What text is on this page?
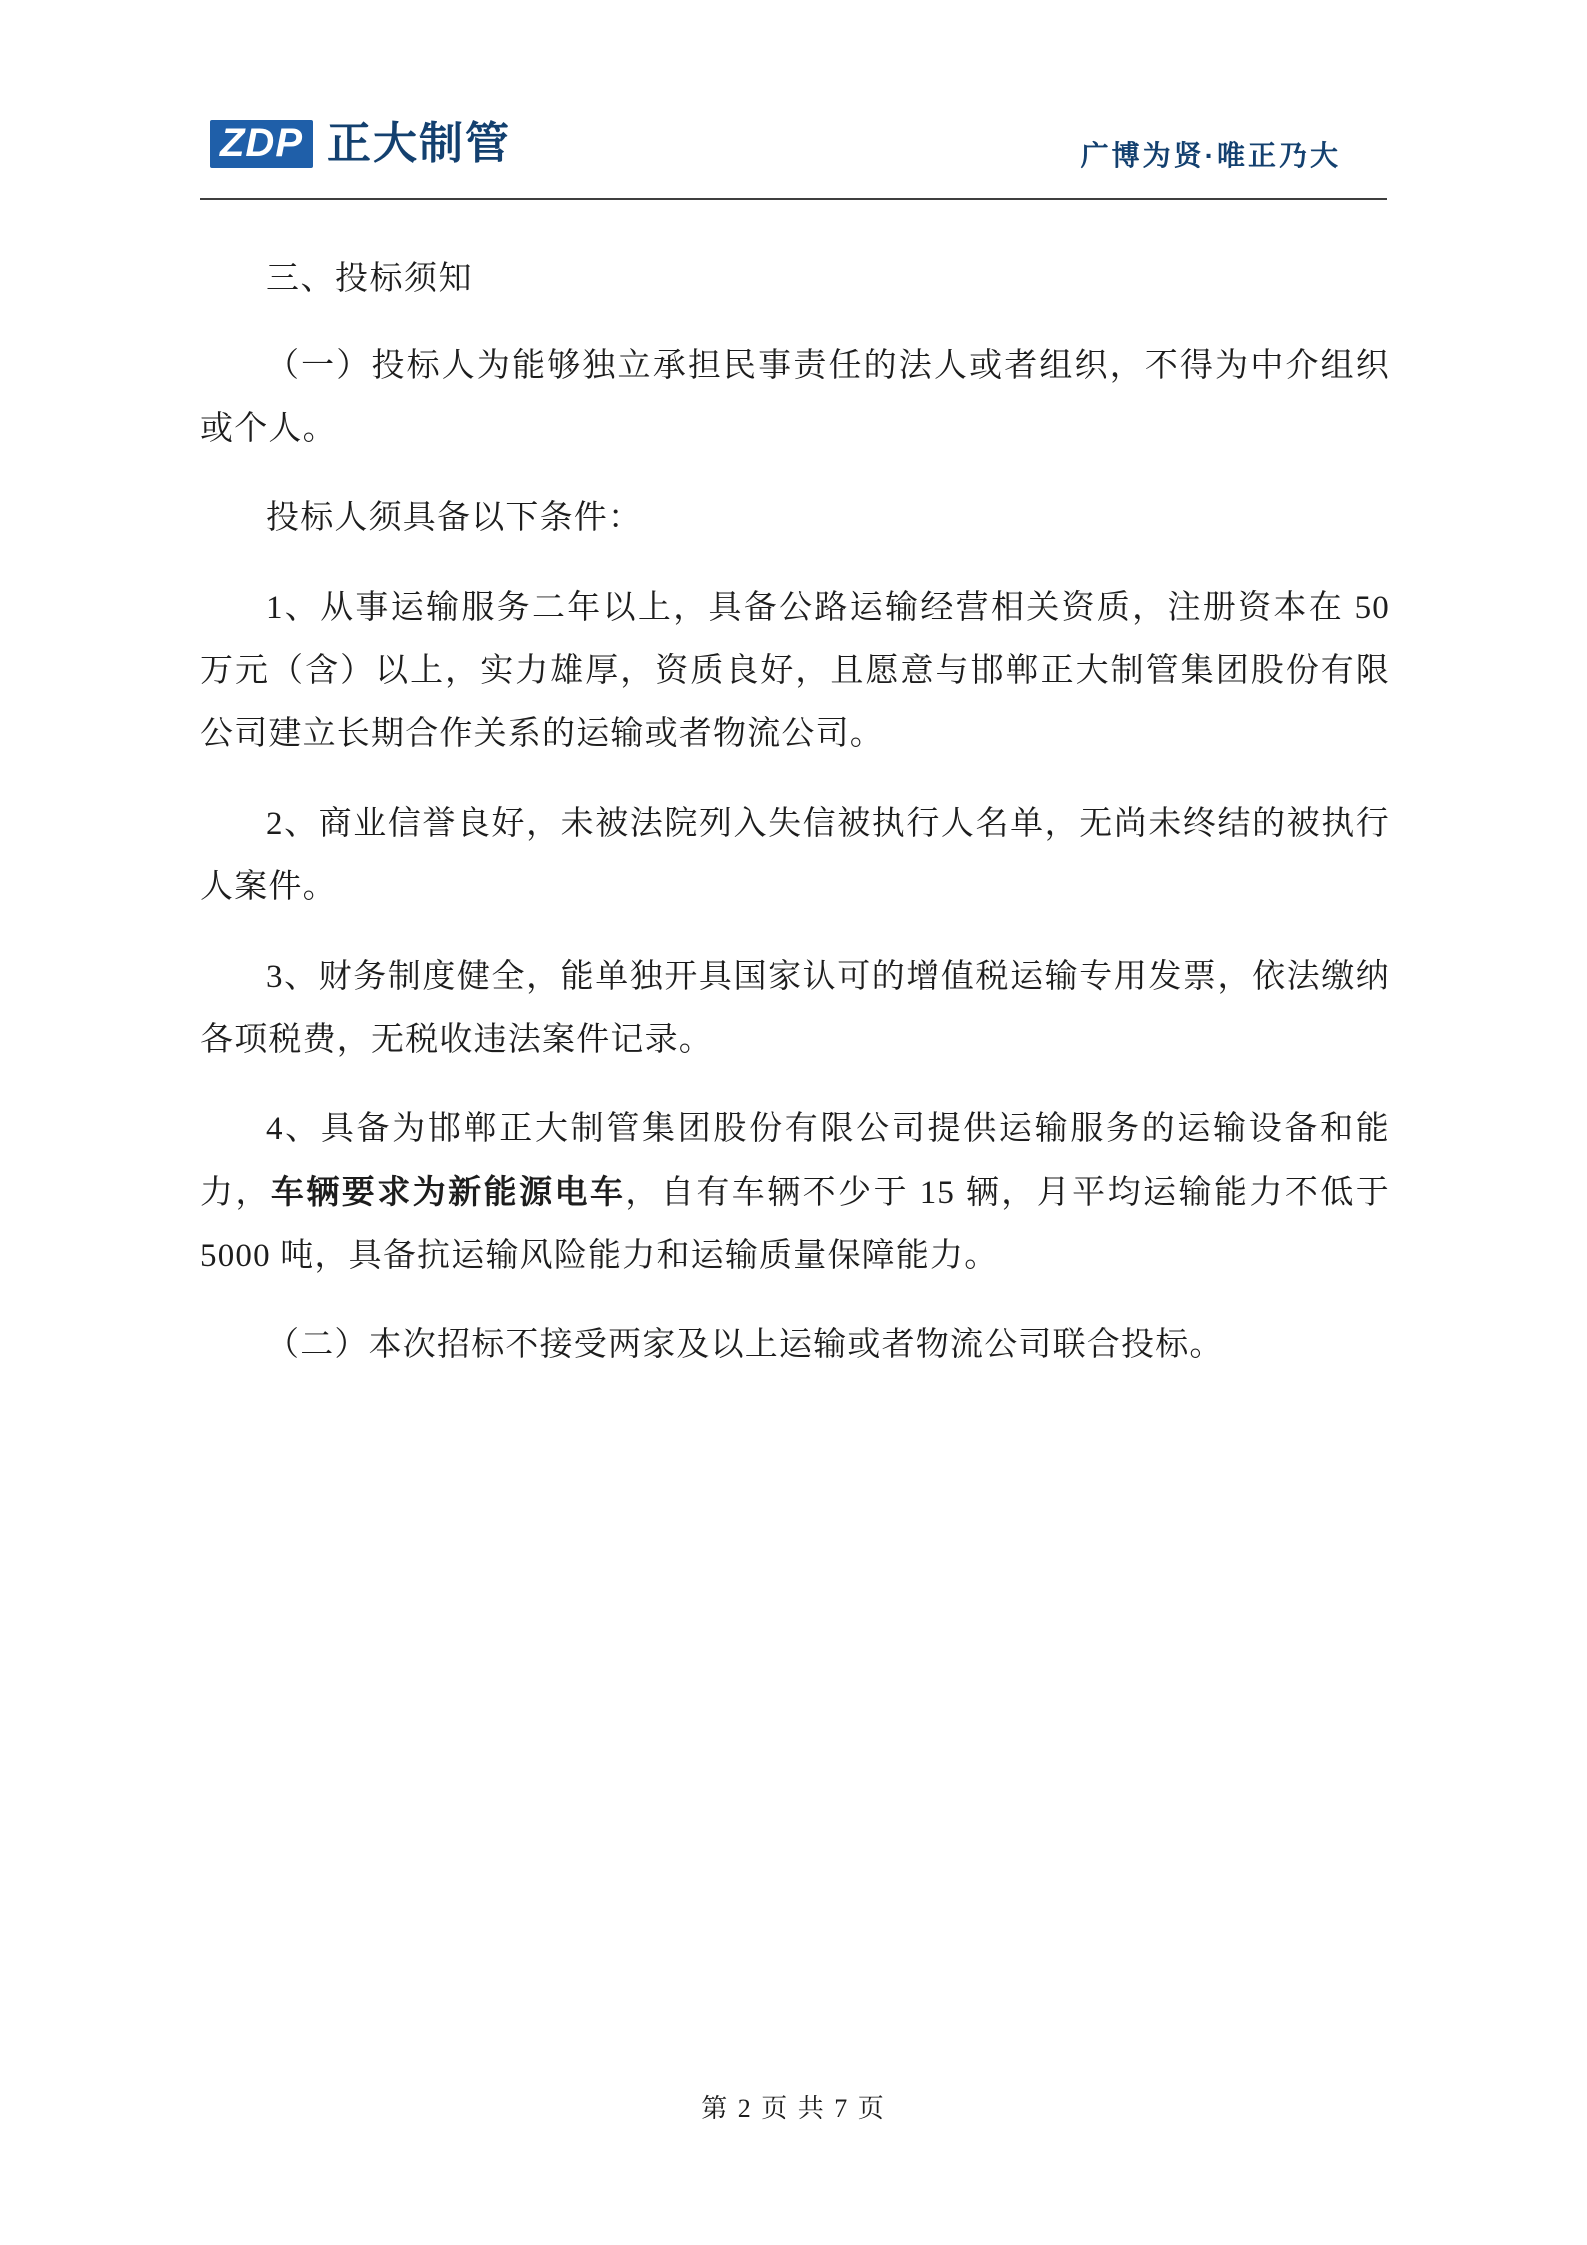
ZDP 正大制管	广博为贤·唯正乃大

三、投标须知

（一）投标人为能够独立承担民事责任的法人或者组织，不得为中介组织或个人。

投标人须具备以下条件：

1、从事运输服务二年以上，具备公路运输经营相关资质，注册资本在 50 万元（含）以上，实力雄厚，资质良好，且愿意与邯郸正大制管集团股份有限公司建立长期合作关系的运输或者物流公司。

2、商业信誉良好，未被法院列入失信被执行人名单，无尚未终结的被执行人案件。

3、财务制度健全，能单独开具国家认可的增值税运输专用发票，依法缴纳各项税费，无税收违法案件记录。

4、具备为邯郸正大制管集团股份有限公司提供运输服务的运输设备和能力，车辆要求为新能源电车，自有车辆不少于 15 辆，月平均运输能力不低于 5000 吨，具备抗运输风险能力和运输质量保障能力。

（二）本次招标不接受两家及以上运输或者物流公司联合投标。

第 2 页 共 7 页
